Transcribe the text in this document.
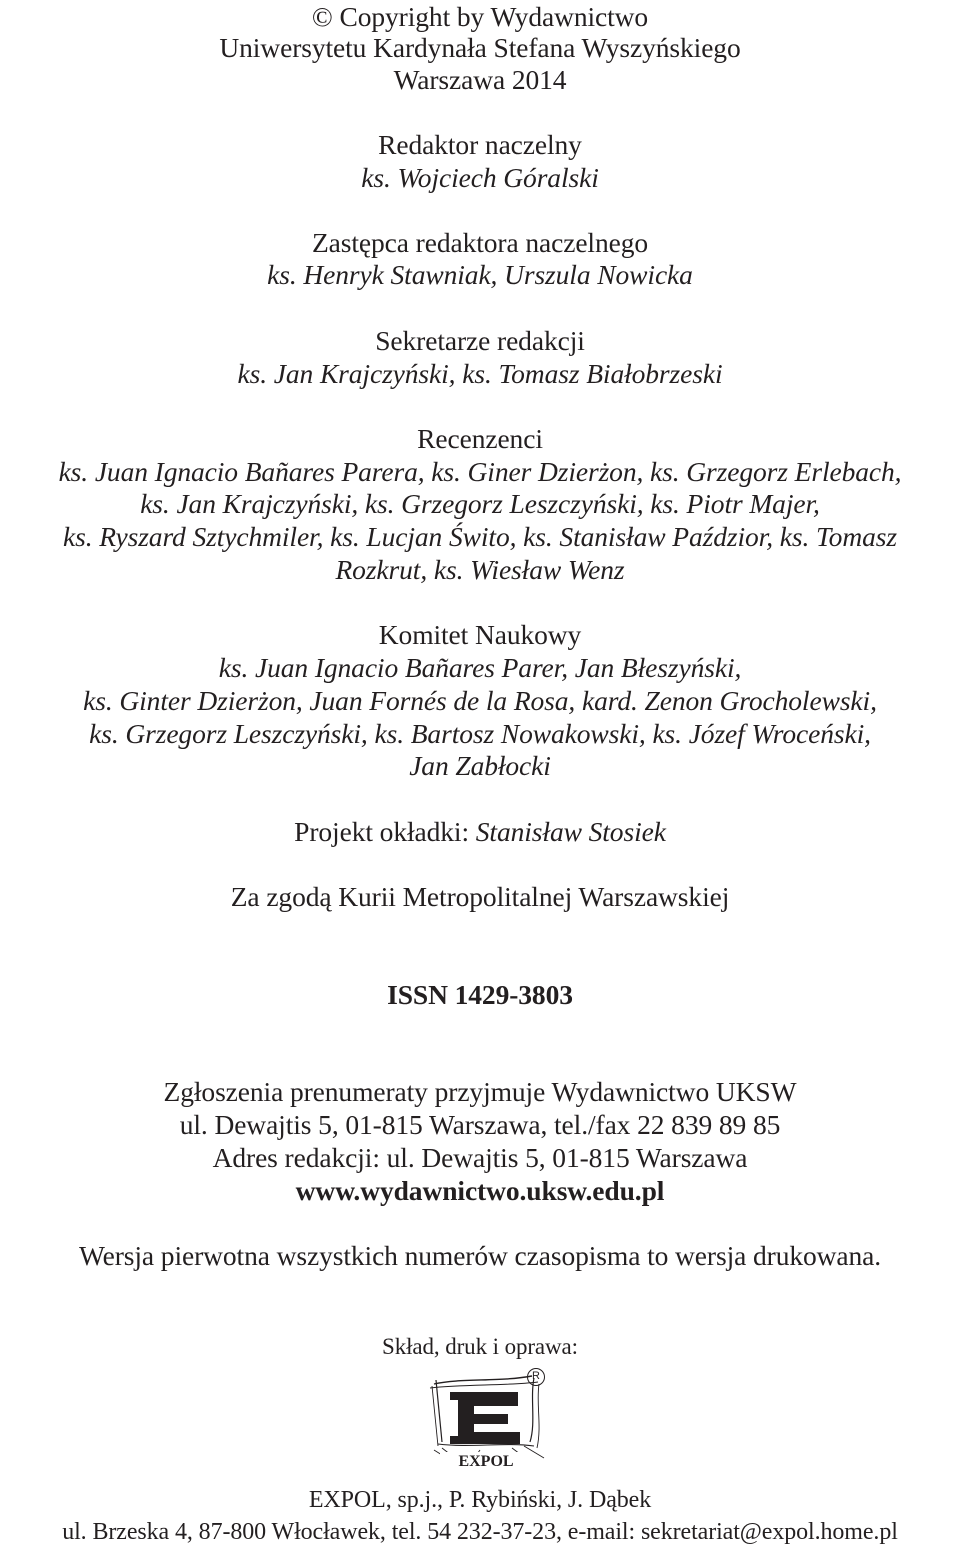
© Copyright by Wydawnictwo
Uniwersytetu Kardynała Stefana Wyszyńskiego
Warszawa 2014
Redaktor naczelny
ks. Wojciech Góralski
Zastępca redaktora naczelnego
ks. Henryk Stawniak, Urszula Nowicka
Sekretarze redakcji
ks. Jan Krajczyński, ks. Tomasz Białobrzeski
Recenzenci
ks. Juan Ignacio Bañares Parera, ks. Giner Dzierżon, ks. Grzegorz Erlebach,
ks. Jan Krajczyński, ks. Grzegorz Leszczyński, ks. Piotr Majer,
ks. Ryszard Sztychmiler, ks. Lucjan Świto, ks. Stanisław Paździor, ks. Tomasz
Rozkrut, ks. Wiesław Wenz
Komitet Naukowy
ks. Juan Ignacio Bañares Parer, Jan Błeszyński,
ks. Ginter Dzierżon, Juan Fornés de la Rosa, kard. Zenon Grocholewski,
ks. Grzegorz Leszczyński, ks. Bartosz Nowakowski, ks. Józef Wroceński,
Jan Zabłocki
Projekt okładki: Stanisław Stosiek
Za zgodą Kurii Metropolitalnej Warszawskiej
ISSN 1429-3803
Zgłoszenia prenumeraty przyjmuje Wydawnictwo UKSW
ul. Dewajtis 5, 01-815 Warszawa, tel./fax 22 839 89 85
Adres redakcji: ul. Dewajtis 5, 01-815 Warszawa
www.wydawnictwo.uksw.edu.pl
Wersja pierwotna wszystkich numerów czasopisma to wersja drukowana.
Skład, druk i oprawa:
EXPOL
R
EXPOL, sp.j., P. Rybiński, J. Dąbek
ul. Brzeska 4, 87-800 Włocławek, tel. 54 232-37-23, e-mail: sekretariat@expol.home.pl
